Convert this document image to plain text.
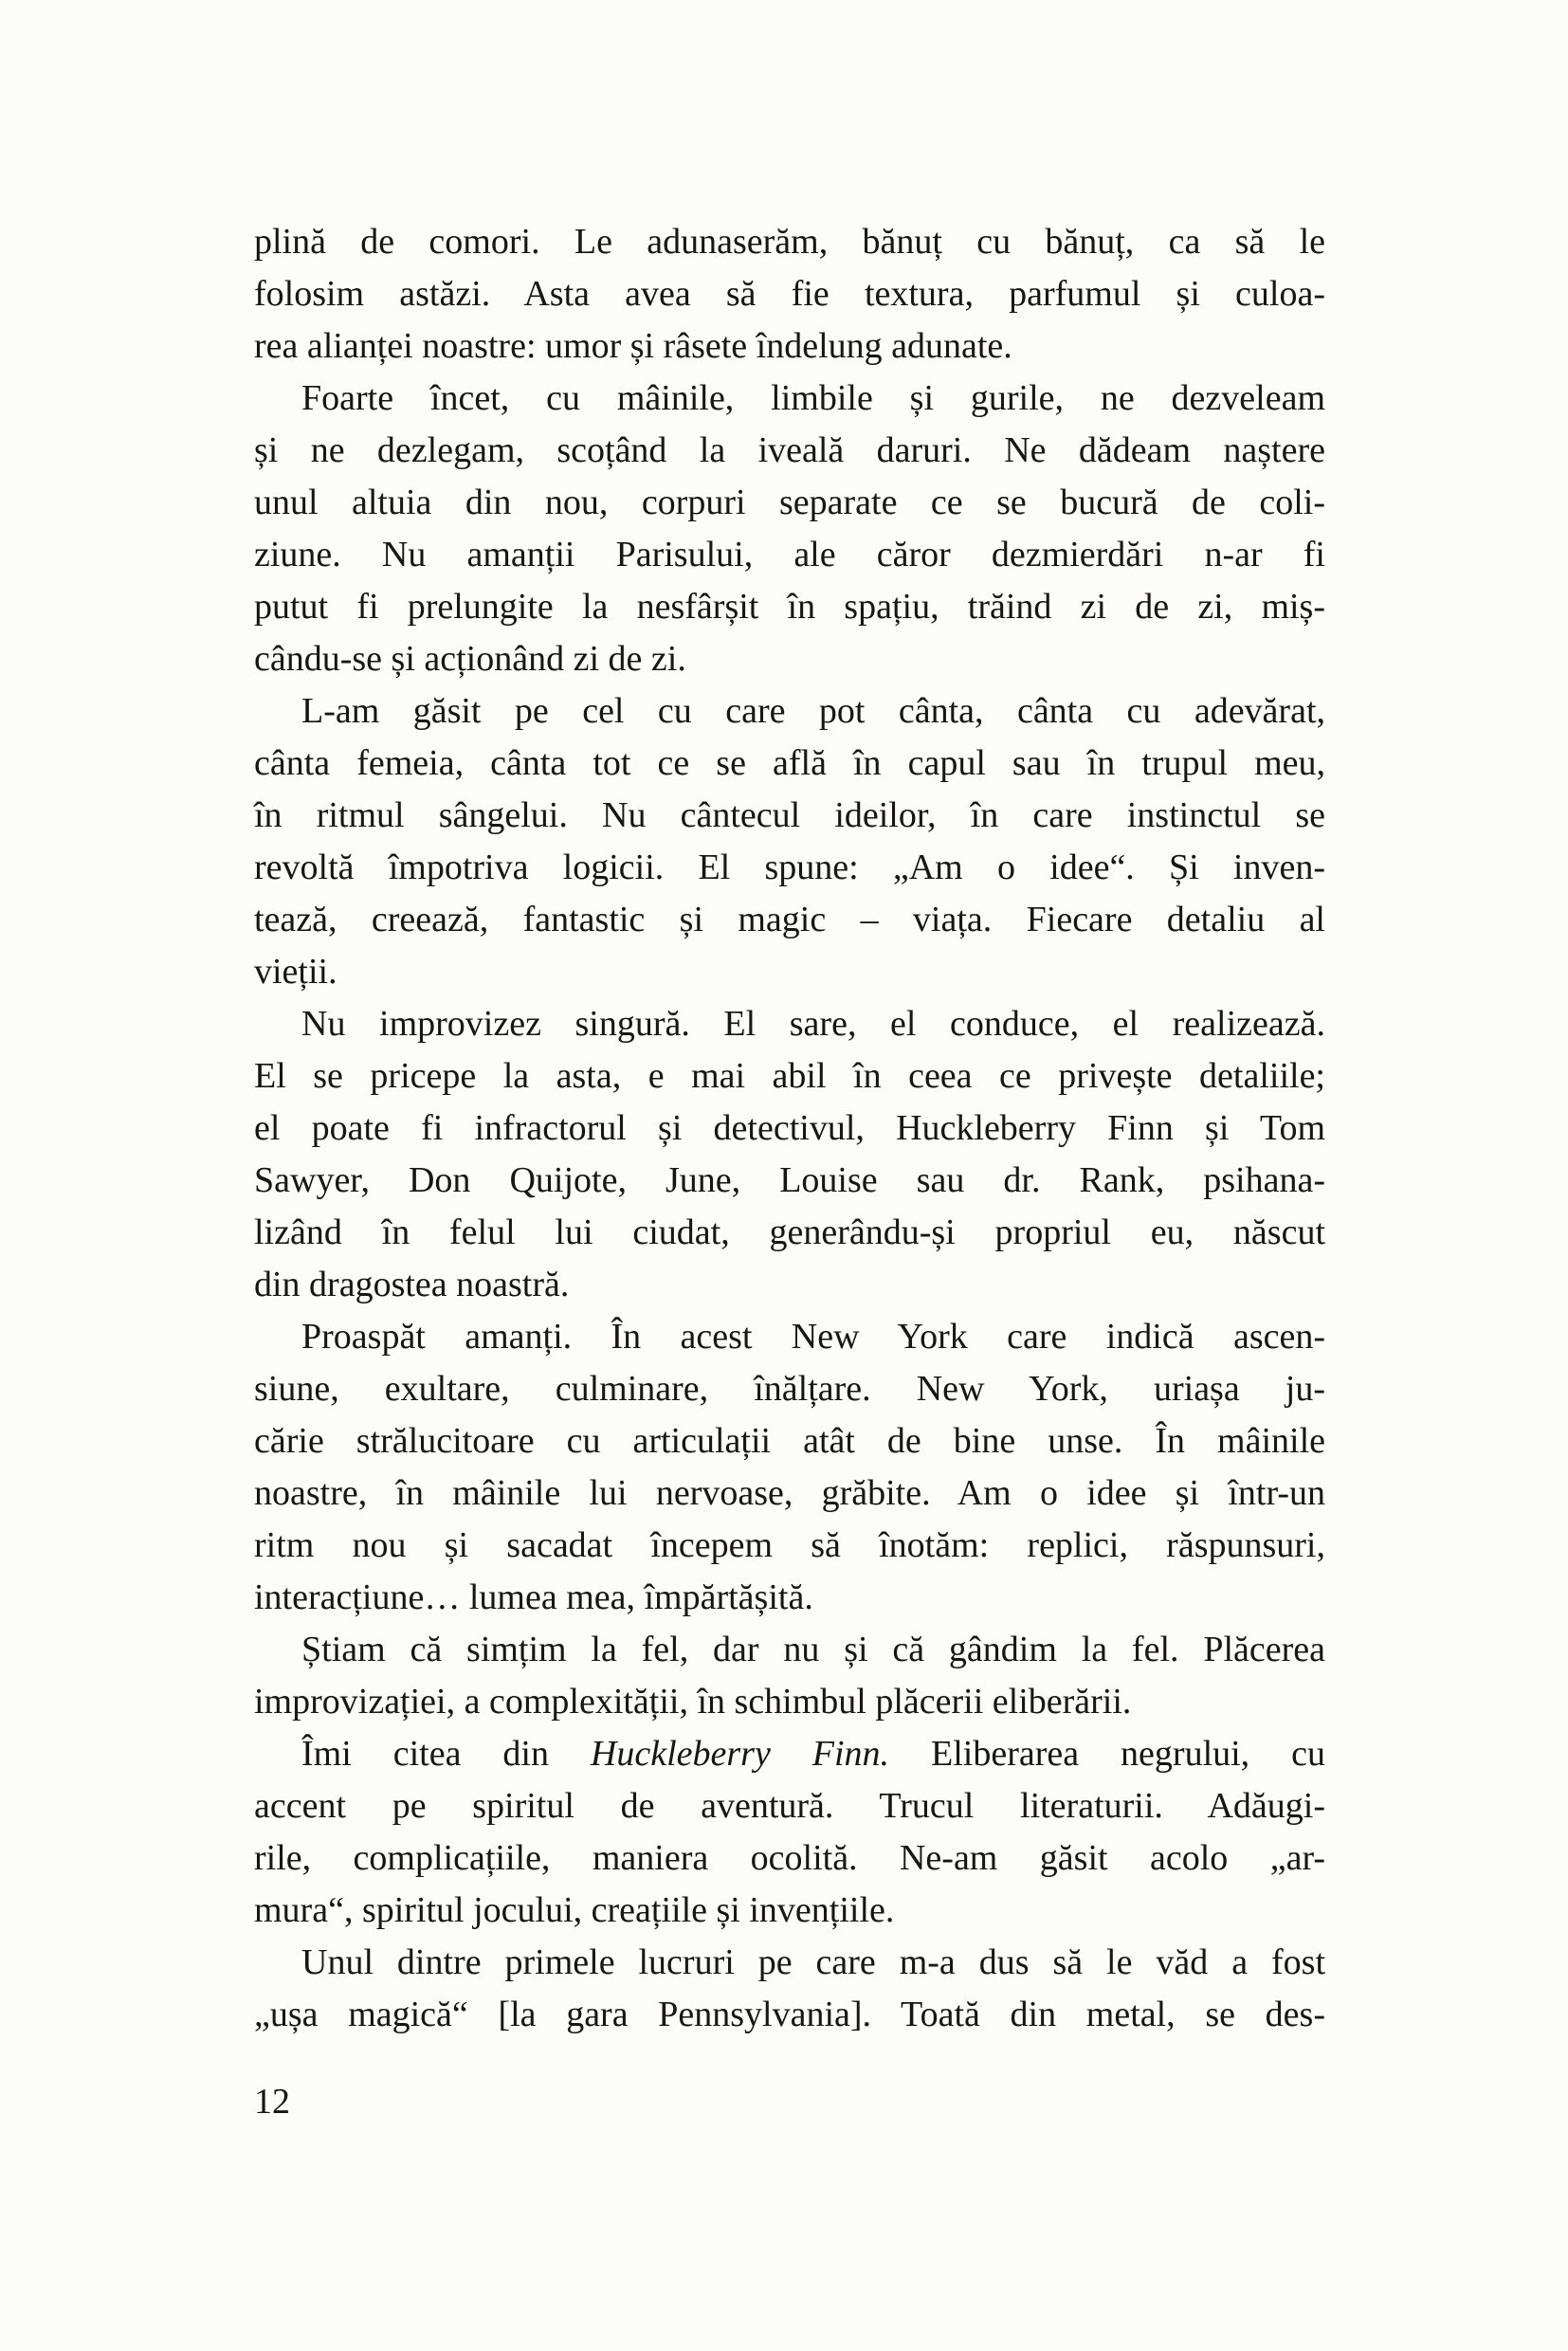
plină de comori. Le adunaserăm, bănuț cu bănuț, ca să le
folosim astăzi. Asta avea să fie textura, parfumul și culoa-
rea alianței noastre: umor și râsete îndelung adunate.
Foarte încet, cu mâinile, limbile și gurile, ne dezveleam
și ne dezlegam, scoțând la iveală daruri. Ne dădeam naștere
unul altuia din nou, corpuri separate ce se bucură de coli-
ziune. Nu amanții Parisului, ale căror dezmierdări n-ar fi
putut fi prelungite la nesfârșit în spațiu, trăind zi de zi, miș-
cându-se și acționând zi de zi.
L-am găsit pe cel cu care pot cânta, cânta cu adevărat,
cânta femeia, cânta tot ce se află în capul sau în trupul meu,
în ritmul sângelui. Nu cântecul ideilor, în care instinctul se
revoltă împotriva logicii. El spune: „Am o idee“. Și inven-
tează, creează, fantastic și magic – viața. Fiecare detaliu al
vieții.
Nu improvizez singură. El sare, el conduce, el realizează.
El se pricepe la asta, e mai abil în ceea ce privește detaliile;
el poate fi infractorul și detectivul, Huckleberry Finn și Tom
Sawyer, Don Quijote, June, Louise sau dr. Rank, psihana-
lizând în felul lui ciudat, generându-și propriul eu, născut
din dragostea noastră.
Proaspăt amanți. În acest New York care indică ascen-
siune, exultare, culminare, înălțare. New York, uriașa ju-
cărie strălucitoare cu articulații atât de bine unse. În mâinile
noastre, în mâinile lui nervoase, grăbite. Am o idee și într-un
ritm nou și sacadat începem să înotăm: replici, răspunsuri,
interacțiune… lumea mea, împărtășită.
Știam că simțim la fel, dar nu și că gândim la fel. Plăcerea
improvizației, a complexității, în schimbul plăcerii eliberării.
Îmi citea din Huckleberry Finn. Eliberarea negrului, cu
accent pe spiritul de aventură. Trucul literaturii. Adăugi-
rile, complicațiile, maniera ocolită. Ne-am găsit acolo „ar-
mura“, spiritul jocului, creațiile și invențiile.
Unul dintre primele lucruri pe care m-a dus să le văd a fost
„ușa magică“ [la gara Pennsylvania]. Toată din metal, se des-
12
